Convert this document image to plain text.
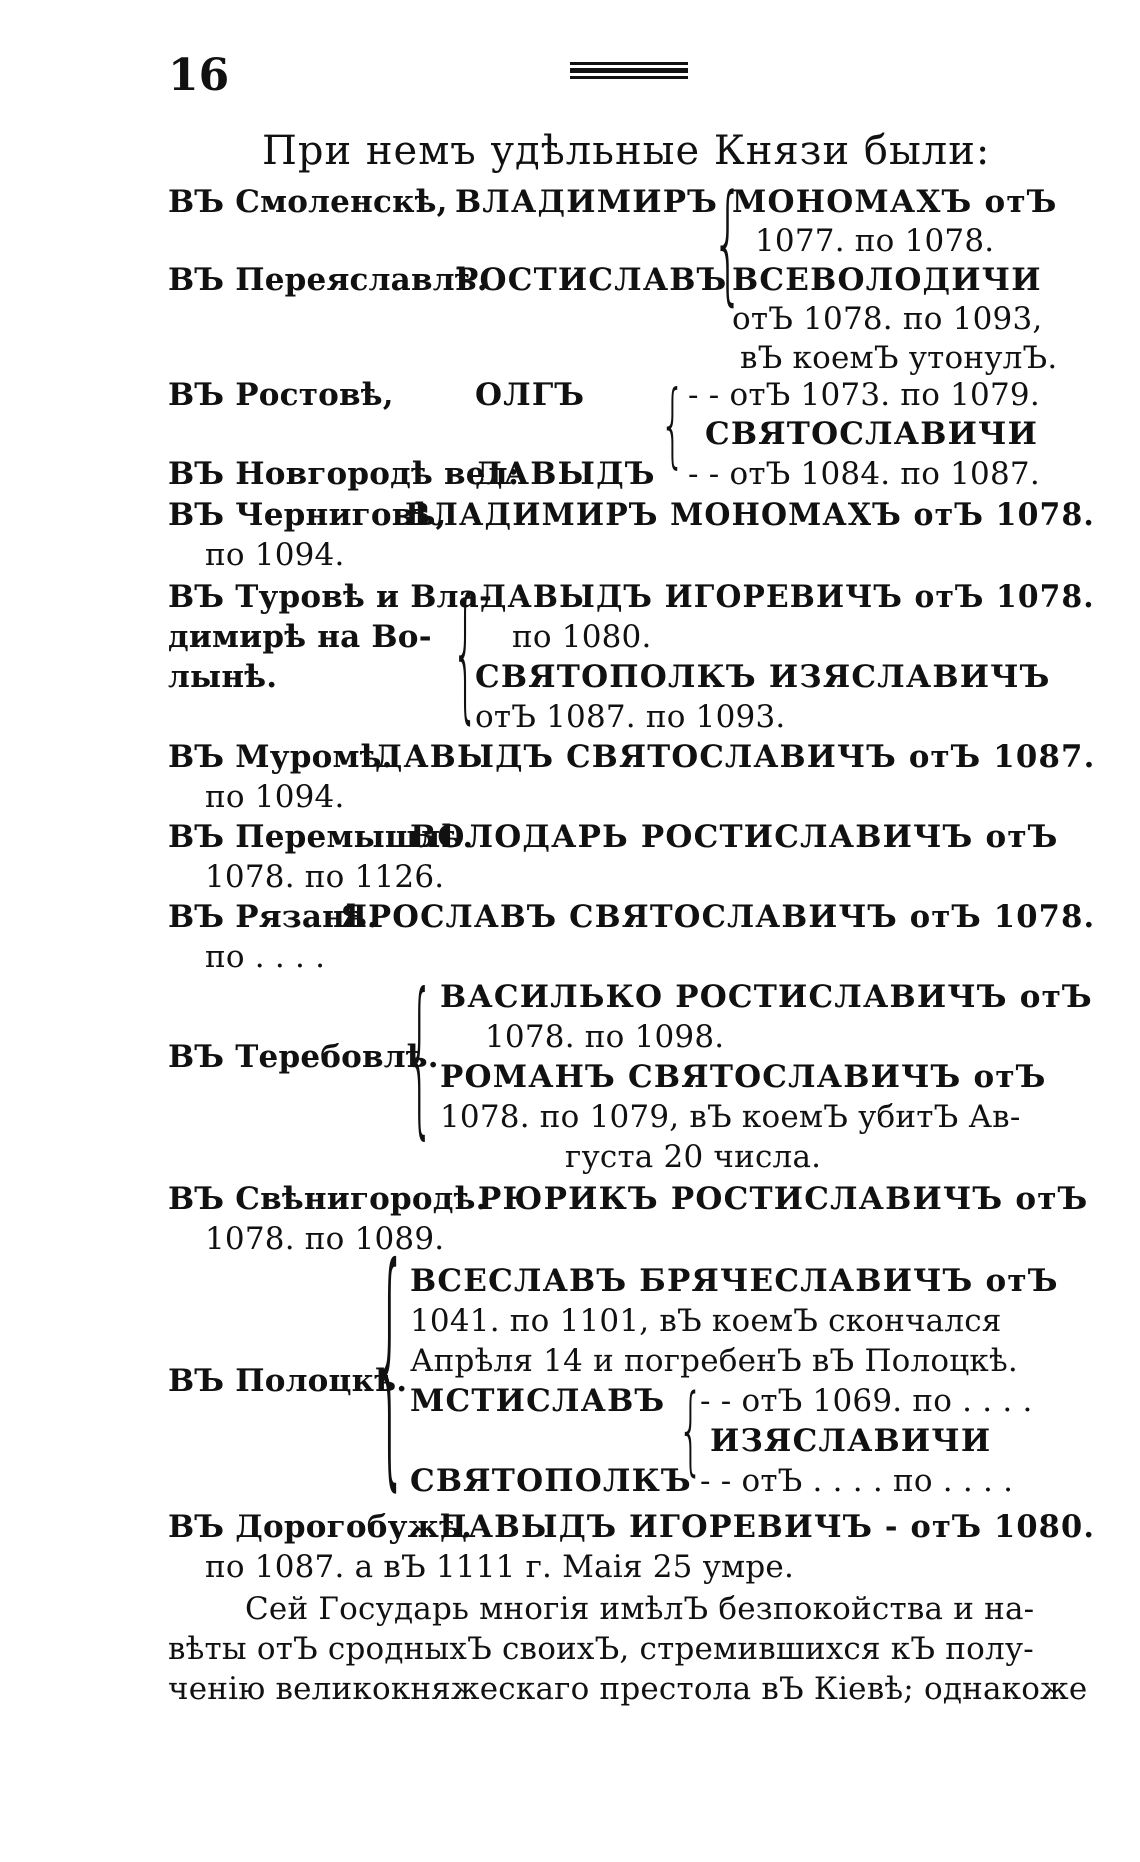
16
При немъ удѣльные Князи были:
ВЪ Смоленскѣ, ВЛАДИМИРЪ
{
МОНОМАХЪ отЪ
1077. по 1078.
ВЪ Переяславлѣ.
РОСТИСЛАВЪ ВСЕВОЛОДИЧИ
отЪ 1078. по 1093,
вЪ коемЪ утонулЪ.
ВЪ Ростовѣ,	ОЛГЪ { - - отЪ 1073. по 1079.
СВЯТОСЛАВИЧИ
ВЪ Новгородѣ вел:
ДАВЫДЪ - - отЪ 1084. по 1087.
ВЪ Черниговѣ,
ВЛАДИМИРЪ МОНОМАХЪ отЪ 1078.
по 1094.
ВЪ Туровѣ и Вла-
димирѣ на Во-
лынѣ.	{ ДАВЫДЪ ИГОРЕВИЧЪ отЪ 1078.
по 1080.
СВЯТОПОЛКЪ ИЗЯСЛАВИЧЪ
отЪ 1087. по 1093.
ВЪ Муромѣ.
ДАВЫДЪ СВЯТОСЛАВИЧЪ отЪ 1087.
по 1094.
ВЪ Перемышлѣ.
ВОЛОДАРЬ РОСТИСЛАВИЧЪ отЪ
1078. по 1126.
ВЪ Рязанѣ.
ЯРОСЛАВЪ СВЯТОСЛАВИЧЪ отЪ 1078.
по . . . . { ВАСИЛЬКО РОСТИСЛАВИЧЪ отЪ
1078. по 1098.
ВЪ Теребовлѣ.
РОМАНЪ СВЯТОСЛАВИЧЪ отЪ
1078. по 1079, вЪ коемЪ убитЪ Ав-
густа 20 числа.
ВЪ Свѣнигородѣ.
РЮРИКЪ РОСТИСЛАВИЧЪ отЪ
1078. по 1089.
{ ВСЕСЛАВЪ БРЯЧЕСЛАВИЧЪ отЪ
1041. по 1101, вЪ коемЪ скончался
Апрѣля 14 и погребенЪ вЪ Полоцкѣ.
ВЪ Полоцкѣ.
МСТИСЛАВЪ {
- - отЪ 1069. по . . . .
ИЗЯСЛАВИЧИ
СВЯТОПОЛКЪ - - отЪ . . . . по . . . .
ВЪ Дорогобужѣ.
ДАВЫДЪ ИГОРЕВИЧЪ - отЪ 1080.
по 1087. а вЪ 1111 г. Маія 25 умре.
Сей Государь многія имѣлЪ безпокойства и на-
вѣты отЪ сродныхЪ своихЪ, стремившихся кЪ полу-
ченію великокняжескаго престола вЪ Кіевѣ; однакоже
